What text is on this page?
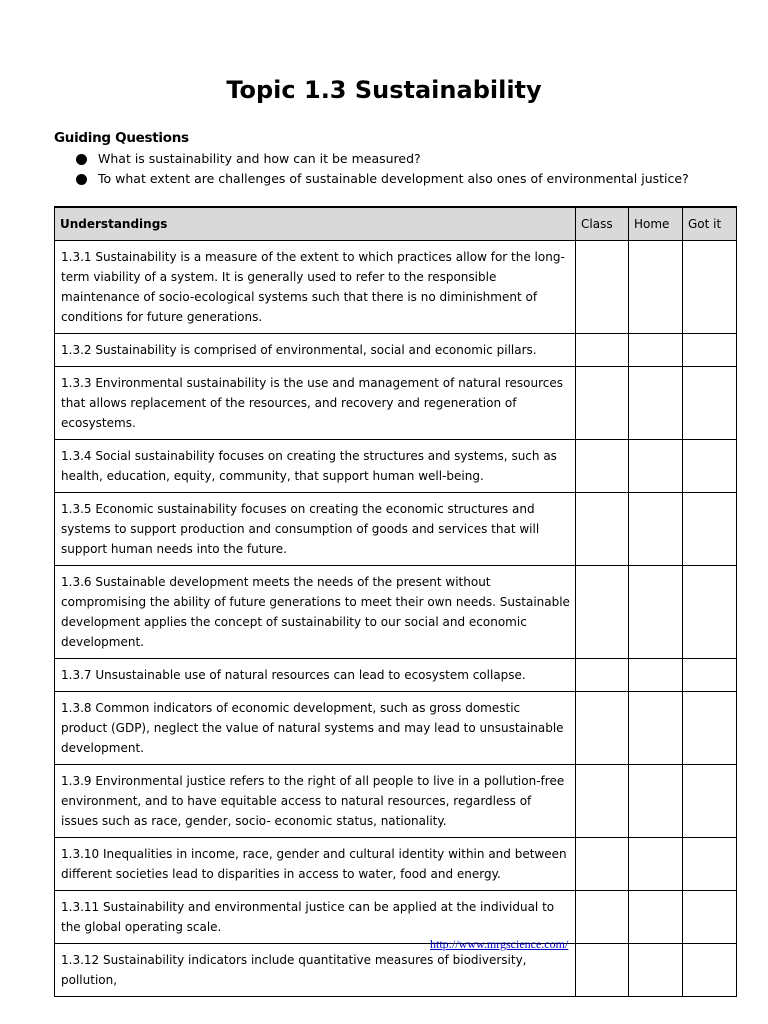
Topic 1.3 Sustainability
Guiding Questions
What is sustainability and how can it be measured?
To what extent are challenges of sustainable development also ones of environmental justice?
Understandings	Class	Home	Got it
1.3.1 Sustainability is a measure of the extent to which practices allow for the long-term viability of a system. It is generally used to refer to the responsible maintenance of socio-ecological systems such that there is no diminishment of conditions for future generations.			
1.3.2 Sustainability is comprised of environmental, social and economic pillars.			
1.3.3 Environmental sustainability is the use and management of natural resources that allows replacement of the resources, and recovery and regeneration of ecosystems.			
1.3.4 Social sustainability focuses on creating the structures and systems, such as health, education, equity, community, that support human well-being.			
1.3.5 Economic sustainability focuses on creating the economic structures and systems to support production and consumption of goods and services that will support human needs into the future.			
1.3.6 Sustainable development meets the needs of the present without compromising the ability of future generations to meet their own needs. Sustainable development applies the concept of sustainability to our social and economic development.			
1.3.7 Unsustainable use of natural resources can lead to ecosystem collapse.			
1.3.8 Common indicators of economic development, such as gross domestic product (GDP), neglect the value of natural systems and may lead to unsustainable development.			
1.3.9 Environmental justice refers to the right of all people to live in a pollution-free environment, and to have equitable access to natural resources, regardless of issues such as race, gender, socio- economic status, nationality.			
1.3.10 Inequalities in income, race, gender and cultural identity within and between different societies lead to disparities in access to water, food and energy.			
1.3.11 Sustainability and environmental justice can be applied at the individual to the global operating scale.			
1.3.12 Sustainability indicators include quantitative measures of biodiversity, pollution,			
http://www.mrgscience.com/
